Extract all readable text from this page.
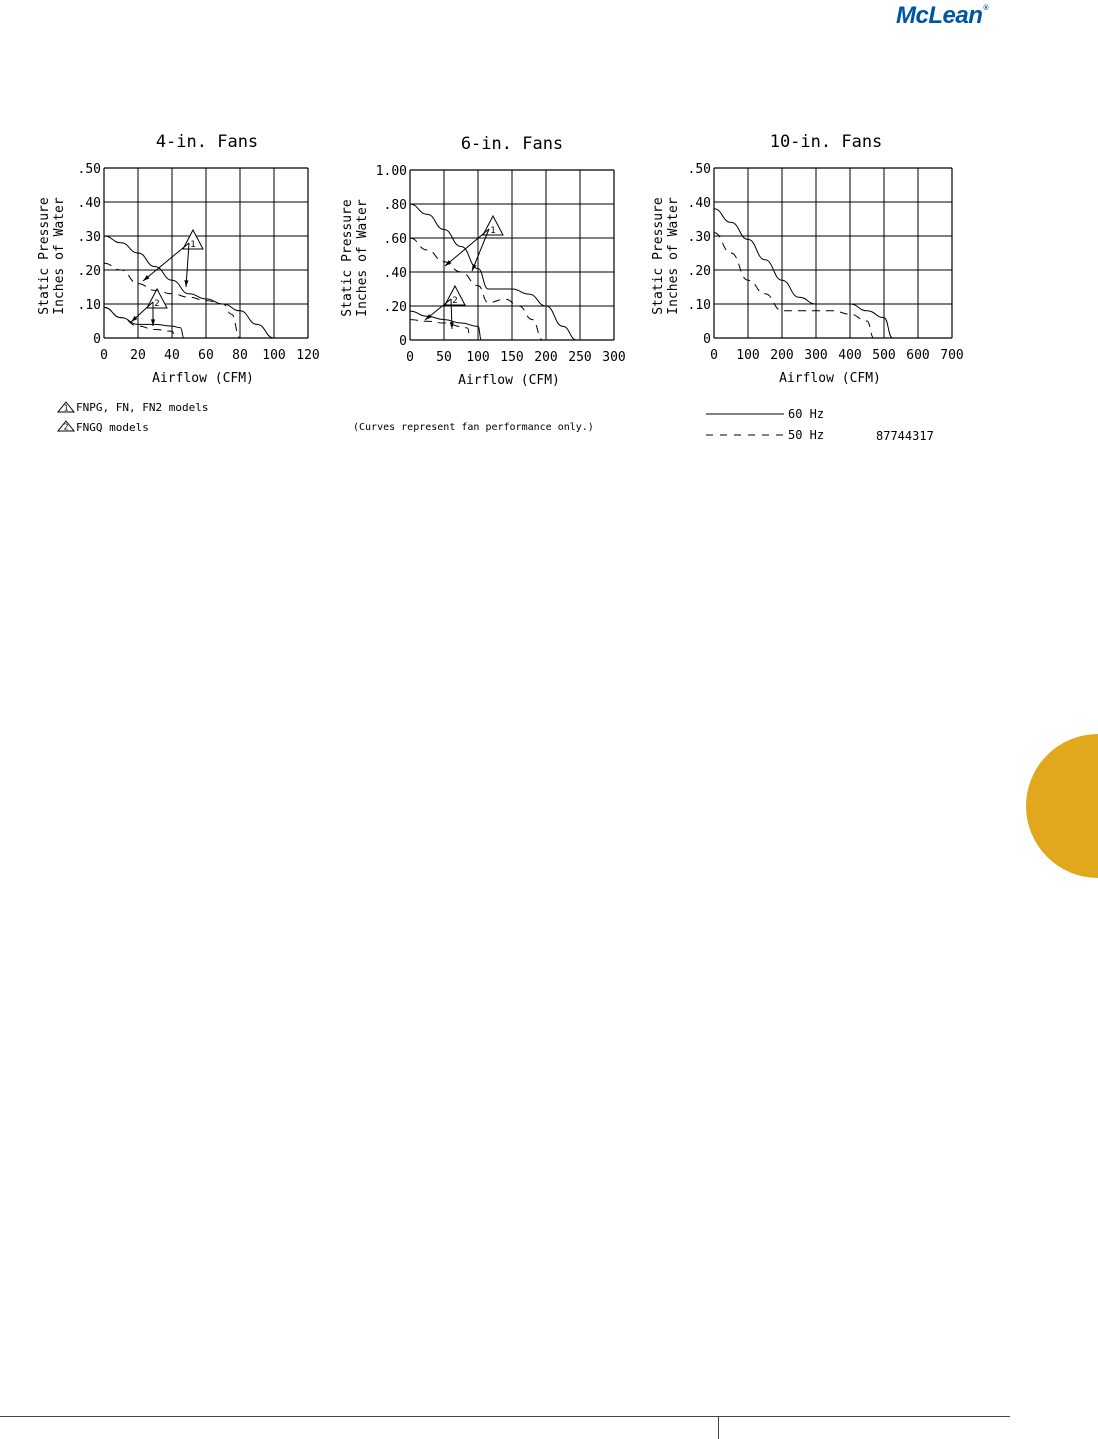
McLean®
4-in. Fans
0 20 40 60 80 100 120
0
.10
.20
.30
.40
.50
Airflow (CFM)
Static Pressure Inches of Water	1
2
6-in. Fans
0 50 100 150 200 250 300
0
.20
.40
.60
.80
1.00
Airflow (CFM)
Static Pressure Inches of Water	1
2
10-in. Fans
0 100 200 300 400 500 600 700
0
.10
.20
.30
.40
.50
Airflow (CFM)
Static Pressure Inches of Water
1 FNPG, FN, FN2 models
2 FNGQ models	(Curves represent fan performance only.)
60 Hz
50 Hz	87744317
